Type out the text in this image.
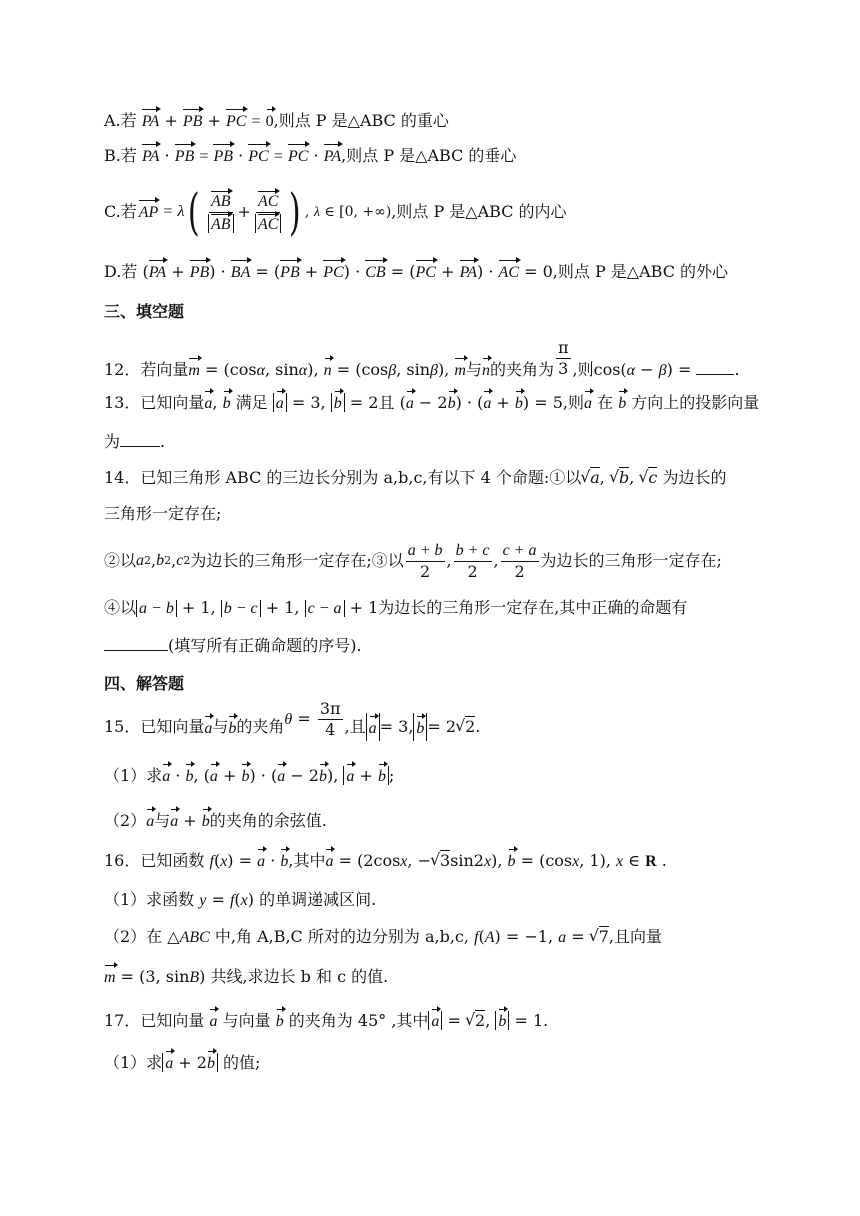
A.若 PA + PB + PC = 0,则点 P 是△ABC 的重心
B.若 PA · PB = PB · PC = PC · PA,则点 P 是△ABC 的垂心
C.若 AP
=
λ ( $\frac{AB}{AB} + \frac{AC}{AC}$ ) , λ ∈ [0, +∞) ,则点 P 是△ABC 的内心
D.若 (PA + PB) · BA = (PB + PC) · CB = (PC + PA) · AC = 0,则点 P 是△ABC 的外心
三、填空题
12．若向量m = (cosα, sinα), n = (cosβ, sinβ), m与n的夹角为 $\frac{\pi}{3}$ ,则cos(α − β) = .
13．已知向量a, b 满足 a = 3, b = 2且 (a − 2b) · (a + b) = 5,则a 在 b 方向上的投影向量
为	.
14．已知三角形 ABC 的三边长分别为 a,b,c,有以下 4 个命题:①以 √ a, √ b, √ c 为边长的
三角形一定存在;
②以 a 2 , b 2 , c 2 为边长的三角形一定存在;③以 $\frac{a + b}{2}$ , $\frac{b + c}{2}$ , $\frac{c + a}{2}$ 为边长的三角形一定存在;
④以 a − b + 1, b − c + 1, c − a + 1为边长的三角形一定存在,其中正确的命题有
(填写所有正确命题的序号).
四、解答题
15． 已知向量 a 与 b 的夹角 $\theta = \frac{3\pi}{4}$ ,且 a = 3, b = 2 √ 2 .
（1）求a · b, (a + b) · (a − 2b), a + b ;
（2）a与a + b的夹角的余弦值.
16．已知函数 f(x) = a · b,其中a = (2cosx, − √ 3sin2x), b = (cosx, 1), x ∈ R .
（1）求函数 y = f(x) 的单调递减区间.
（2）在 △ABC 中,角 A,B,C 所对的边分别为 a,b,c, f(A) = −1, a = √ 7,且向量
m = (3, sinB) 共线,求边长 b 和 c 的值.
17．已知向量 a 与向量 b 的夹角为 45° ,其中 a = √ 2, b = 1.
（1）求 a + 2b 的值;
